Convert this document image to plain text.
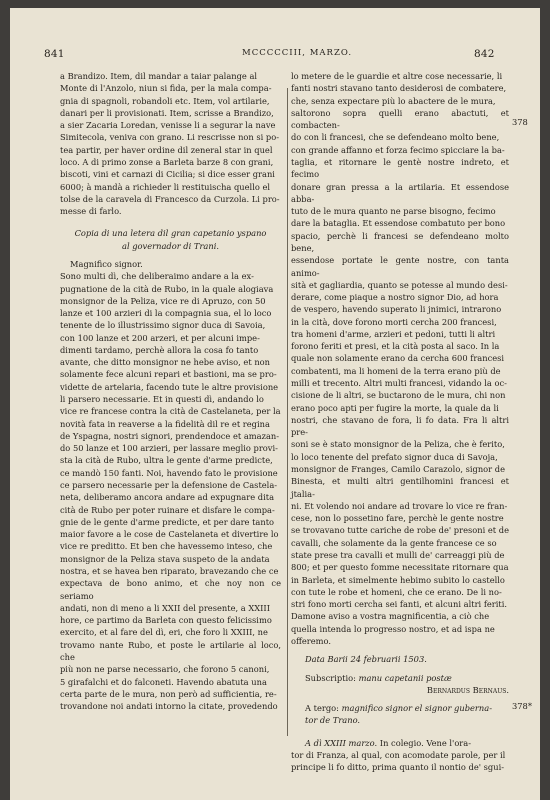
841	MCCCCCIII, MARZO.	842

a Brandizo. Item, dil mandar a taiar palange al

Monte di l'Anzolo, niun si fida, per la mala compa-

gnia di spagnoli, robandoli etc. Item, vol artilarie,

danari per li provisionati. Item, scrisse a Brandizo,

a sier Zacaria Loredan, venisse li a segurar la nave

Simitecola, veniva con grano. Li rescrisse non si po-

tea partir, per haver ordine dil zeneral star in quel

loco. A di primo zonse a Barleta barze 8 con grani,

biscoti, vini et carnazi di Cicilia; si dice esser grani

6000; à mandà a richieder li restituischa quello el

tolse de la caravela di Francesco da Curzola. Li pro-

messe di farlo.

Copia di una letera dil gran capetanio yspano

al governador di Trani.

Magnifico signor.

Sono multi dì, che deliberaimo andare a la ex-

pugnatione de la cità de Rubo, in la quale alogiava

monsignor de la Peliza, vice re di Apruzo, con 50

lanze et 100 arzieri di la compagnia sua, el lo loco

tenente de lo illustrissimo signor duca di Savoia,

con 100 lanze et 200 arzeri, et per alcuni impe-

dimenti tardamo, perchè allora la cosa fo tanto

avante, che ditto monsignor ne hebe aviso, et non

solamente fece alcuni repari et bastioni, ma se pro-

vidette de artelaria, facendo tute le altre provisione

li parsero necessarie. Et in questi dì, andando lo

vice re francese contra la cità de Castelaneta, per la

novità fata in reaverse a la fidelità dil re et regina

de Yspagna, nostri signori, prendendoce et amazan-

do 50 lanze et 100 arzieri, per lassare meglio provi-

sta la cità de Rubo, ultra le gente d'arme predicte,

ce mandò 150 fanti. Noi, havendo fato le provisione

ce parsero necessarie per la defensione de Castela-

neta, deliberamo ancora andare ad expugnare dita

cità de Rubo per poter ruinare et disfare le compa-

gnie de le gente d'arme predicte, et per dare tanto

maior favore a le cose de Castelaneta et divertire lo

vice re preditto. Et ben che havessemo inteso, che

monsignor de la Peliza stava suspeto de la andata

nostra, et se havea ben riparato, bravezando che ce

expectava de bono animo, et che noy non ce seriamo

andati, non di meno a li XXII del presente, a XXIII

hore, ce partimo da Barleta con questo felicissimo

exercito, et al fare del dì, eri, che foro li XXIII, ne

trovamo nante Rubo, et poste le artilarie al loco, che

più non ne parse necessario, che forono 5 canoni,

5 girafalchi et do falconeti. Havendo abatuta una

certa parte de le mura, non però ad sufficientia, re-

trovandone noi andati intorno la citate, provedendo

lo metere de le guardie et altre cose necessarie, li

fanti nostri stavano tanto desiderosi de combatere,

che, senza expectare più lo abactere de le mura,

saltorono sopra quelli erano abactuti, et combacten-

do con li francesi, che se defendeano molto bene,

con grande affanno et forza fecimo spicciare la ba-

taglia, et ritornare le gentè nostre indreto, et fecimo

donare gran pressa a la artilaria. Et essendose abba-

tuto de le mura quanto ne parse bisogno, fecimo

dare la bataglia. Et essendose combatuto per bono

spacio, perchè li francesi se defendeano molto bene,

essendose portate le gente nostre, con tanta animo-

sità et gagliardia, quanto se potesse al mundo desi-

derare, come piaque a nostro signor Dio, ad hora

de vespero, havendo superato li jnimici, intrarono

in la cità, dove forono morti cercha 200 francesi,

tra homeni d'arme, arzieri et pedoni, tutti li altri

forono feriti et presi, et la cità posta al saco. In la

quale non solamente erano da cercha 600 francesi

combatenti, ma li homeni de la terra erano più de

milli et trecento. Altri multi francesi, vidando la oc-

cisione de li altri, se buctarono de le mura, chi non

erano poco apti per fugire la morte, la quale da li

nostri, che stavano de fora, li fo data. Fra li altri pre-

soni se è stato monsignor de la Peliza, che è ferito,

lo loco tenente del prefato signor duca di Savoja,

monsignor de Franges, Camilo Carazolo, signor de

Binesta, et multi altri gentilhomini francesi et jtalia-

ni. Et volendo noi andare ad trovare lo vice re fran-

cese, non lo possetino fare, perchè le gente nostre

se trovavano tutte cariche de robe de' presoni et de

cavalli, che solamente da la gente francese ce so

state prese tra cavalli et mulli de' carreaggi più de

800; et per questo fomme necessitate ritornare qua

in Barleta, et simelmente hebimo subito lo castello

con tute le robe et homeni, che ce erano. De li no-

stri fono morti cercha sei fanti, et alcuni altri feriti.

Damone aviso a vostra magnificentia, a ciò che

quella intenda lo progresso nostro, et ad ispa ne

offeremo.

Data Barii 24 februarii 1503.

Subscriptio: manu capetanii postæ

Bernardus Bernaus.

A tergo: magnifico signor el signor guberna-

tor de Trano.

A dì XXIII marzo. In colegio. Vene l'ora-

tor di Franza, al qual, con acomodate parole, per il

principe li fo ditto, prima quanto il nontio de' sgui-

378
378*
